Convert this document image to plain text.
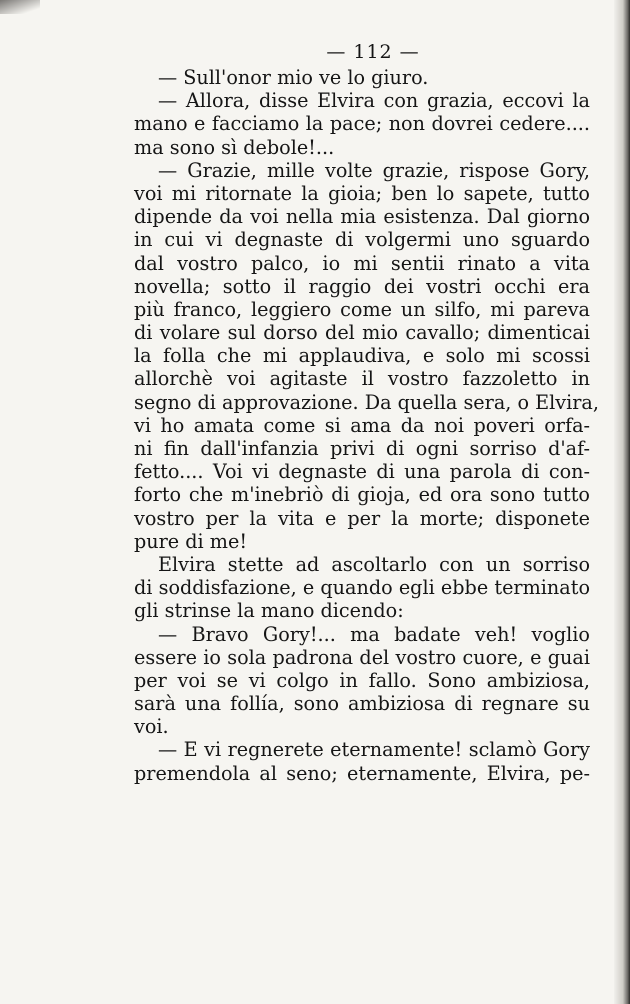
— 112 —
— Sull'onor mio ve lo giuro.
— Allora, disse Elvira con grazia, eccovi la
mano e facciamo la pace; non dovrei cedere....
ma sono sì debole!...
— Grazie, mille volte grazie, rispose Gory,
voi mi ritornate la gioia; ben lo sapete, tutto
dipende da voi nella mia esistenza. Dal giorno
in cui vi degnaste di volgermi uno sguardo
dal vostro palco, io mi sentii rinato a vita
novella; sotto il raggio dei vostri occhi era
più franco, leggiero come un silfo, mi pareva
di volare sul dorso del mio cavallo; dimenticai
la folla che mi applaudiva, e solo mi scossi
allorchè voi agitaste il vostro fazzoletto in
segno di approvazione. Da quella sera, o Elvira,
vi ho amata come si ama da noi poveri orfa-
ni fin dall'infanzia privi di ogni sorriso d'af-
fetto.... Voi vi degnaste di una parola di con-
forto che m'inebriò di gioja, ed ora sono tutto
vostro per la vita e per la morte; disponete
pure di me!
Elvira stette ad ascoltarlo con un sorriso
di soddisfazione, e quando egli ebbe terminato
gli strinse la mano dicendo:
— Bravo Gory!... ma badate veh! voglio
essere io sola padrona del vostro cuore, e guai
per voi se vi colgo in fallo. Sono ambiziosa,
sarà una follía, sono ambiziosa di regnare su
voi.
— E vi regnerete eternamente! sclamò Gory
premendola al seno; eternamente, Elvira, pe-
